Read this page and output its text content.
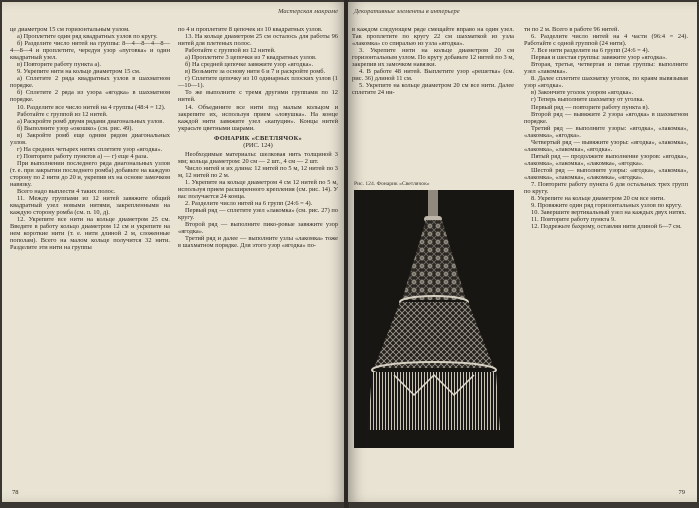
Мастерская макраме

це диаметром 15 см горизонтальным узлом.

а) Проплетите один ряд квадратных узлов по кругу.

б) Разделите число нитей на группы: 8—4—8—4—8—4—8—4 и проплетите, чередуя узор «пуговка» и один квадратный узел.

в) Повторите работу пункта а).

9. Укрепите нити на кольце диаметром 15 см.

а) Сплетите 2 ряда квадратных узлов в шахматном порядке.

б) Сплетите 2 ряда из узора «ягодка» в шахматном порядке.

10. Разделите все число нитей на 4 группы (48:4 = 12).

Работайте с группой из 12 нитей.

а) Раскройте ромб двумя рядами диагональных узлов.

б) Выполните узор «окошко» (см. рис. 49).

в) Закройте ромб еще одним рядом диагональных узлов.

г) На средних четырех нитях сплетите узор «ягодка».

г) Повторите работу пунктов а) — г) еще 4 раза.

При выполнении последнего ряда диагональных узлов (т. е. при закрытии последнего ромба) добавьте на каждую сторону по 2 нити до 20 и, укрепив их на основе замочком навязку.

Всего надо выплести 4 таких полос.

11. Между группами из 12 нитей завяжите общий квадратный узел новыми нитями, закрепленными на каждую сторону ромба (см. п. 10, д).

12. Укрепите все нити на кольце диаметром 25 см. Введите в работу кольцо диаметром 12 см и укрепите на нем короткие нити (т. е. нити длиной 2 м, сложенные пополам). Всего на малом кольце получится 32 нити. Разделите эти нити на группы

по 4 и проплетите 8 цепочек из 10 квадратных узлов.

13. На кольце диаметром 25 см осталось для работы 96 нитей для плетеных полос.

Работайте с группой из 12 нитей.

а) Проплетите 3 цепочки из 7 квадратных узлов.

б) На средней цепочке завяжите узор «ягодка».

в) Возьмите за основу нити 6 и 7 и раскройте ромб.

г) Сплетите цепочку из 10 одинарных плоских узлов (1—10—1).

То же выполните с тремя другими группами по 12 нитей.

14. Объедините все нити под малым кольцом и закрепите их, используя прием «ловушка». На конце каждой нити завяжите узел «капуцин». Концы нитей украсьте цветными шарами.

ФОНАРИК «СВЕТЛЯЧОК»

(РИС. 124)

Необходимые материалы: шелковая нить толщиной 3 мм; кольца диаметром: 20 см — 2 шт., 4 см — 2 шт.

Число нитей и их длина: 12 нитей по 5 м, 12 нитей по 3 м, 12 нитей по 2 м.

1. Укрепите на кольце диаметром 4 см 12 нитей по 5 м, используя прием расширенного крепления (см. рис. 14). У вас получается 24 конца.

2. Разделите число нитей на 6 групп (24:6 = 4).

Первый ряд — сплетите узел «лакомка» (см. рис. 27) по кругу.

Второй ряд — выполните пико-ровые завяжите узор «ягодка».

Третий ряд и далее — выполните узлы «лакомка» тоже в шахматном порядке. Для этого узор «ягодка» по-

78
Декоративные элементы в интерьере

в каждом следующем ряде смещайте вправо на один узел. Так проплетите по кругу 22 см шахматкой из узла «лакомка» со спиралью из узла «ягодка».

3. Укрепите нити на кольце диаметром 20 см горизонтальным узлом. По кругу добавьте 12 нитей по 3 м, закрепив их замочком навязки.

4. В работе 48 нитей. Выплетите узор «решетка» (см. рис. 36) длиной 11 см.

5. Укрепите на кольце диаметром 20 см все нити. Далее сплетите 24 ни-

Рис. 124. Фонарик «Светлячок»

ти по 2 м. Всего в работе 96 нитей.

6. Разделите число нитей на 4 части (96:4 = 24). Работайте с одной группой (24 нити).

7. Все нити разделите на 6 групп (24:6 = 4).

Первая и шестая группы: завяжите узор «ягодка».

Вторая, третья, четвертая и пятая группы: выполните узел «лакомка».

8. Далее сплетите шахматку уголок, по краям вывязывая узор «ягодка».

в) Закончите уголок узором «ягодка».

г) Теперь выполните шахматку от уголка.

Первый ряд — повторите работу пункта в).

Второй ряд — вывяжите 2 узора «ягодка» в шахматном порядке.

Третий ряд — выполните узоры: «ягодка», «лакомка», «лакомка», «ягодка».

Четвертый ряд — вывяжите узоры: «ягодка», «лакомка», «лакомка», «лакомка», «ягодка».

Пятый ряд — продолжите выполнение узоров: «ягодка», «лакомка», «лакомка», «лакомка», «ягодка».

Шестой ряд — выполните узоры: «ягодка», «лакомка», «лакомка», «лакомка», «лакомка», «ягодка».

7. Повторите работу пункта 6 для остальных трех групп по кругу.

8. Укрепите на кольце диаметром 20 см все нити.

9. Провяжите один ряд горизонтальных узлов по кругу.

10. Завершите вертикальный узел на каждых двух нитях.

11. Повторите работу пункта 9.

12. Подрежьте бахрому, оставляя нити длиной 6—7 см.

79
